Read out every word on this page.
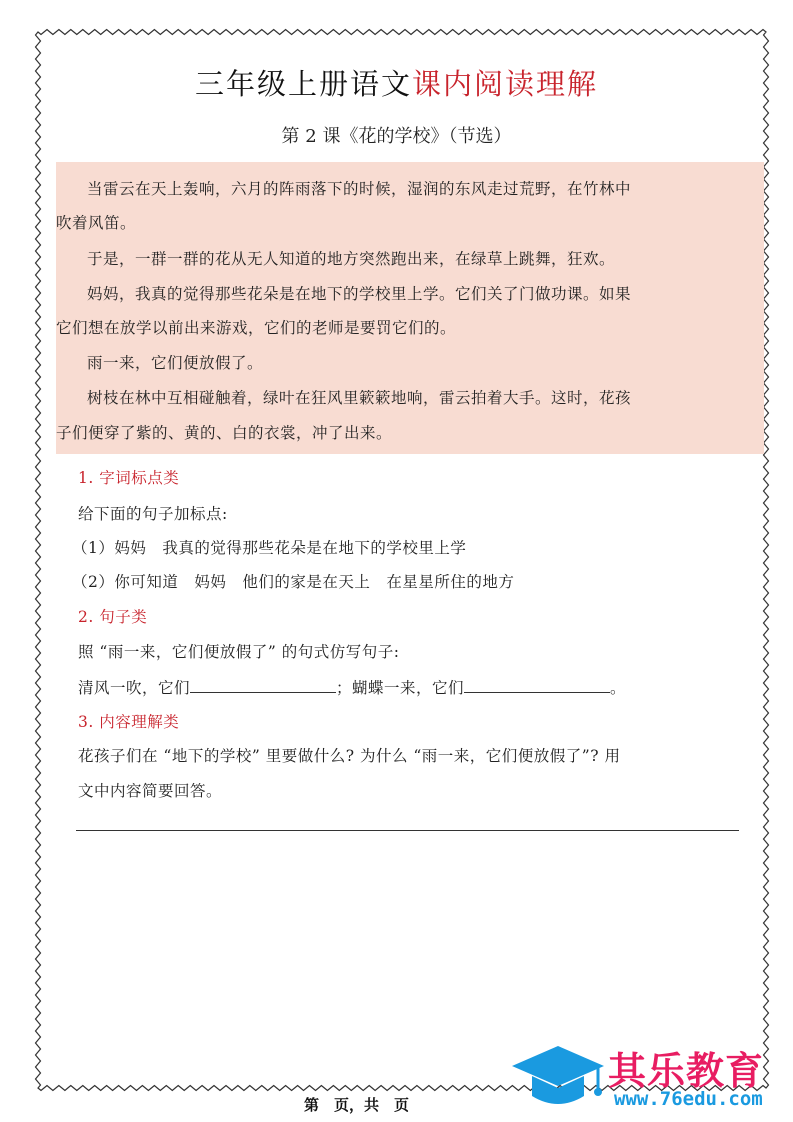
三年级上册语文课内阅读理解
第 2 课《花的学校》（节选）

当雷云在天上轰响，六月的阵雨落下的时候，湿润的东风走过荒野，在竹林中

吹着风笛。

于是，一群一群的花从无人知道的地方突然跑出来，在绿草上跳舞，狂欢。

妈妈，我真的觉得那些花朵是在地下的学校里上学。它们关了门做功课。如果

它们想在放学以前出来游戏，它们的老师是要罚它们的。

雨一来，它们便放假了。

树枝在林中互相碰触着，绿叶在狂风里簌簌地响，雷云拍着大手。这时，花孩

子们便穿了紫的、黄的、白的衣裳，冲了出来。

1. 字词标点类
给下面的句子加标点:
（1）妈妈　我真的觉得那些花朵是在地下的学校里上学
（2）你可知道　妈妈　他们的家是在天上　在星星所住的地方
2. 句子类
照 “雨一来，它们便放假了” 的句式仿写句子:
清风一吹，它们	；蝴蝶一来，它们	。
3. 内容理解类
花孩子们在 “地下的学校” 里要做什么? 为什么 “雨一来，它们便放假了”? 用
文中内容简要回答。
第　页，共　页
其乐教育
www.76edu.com
